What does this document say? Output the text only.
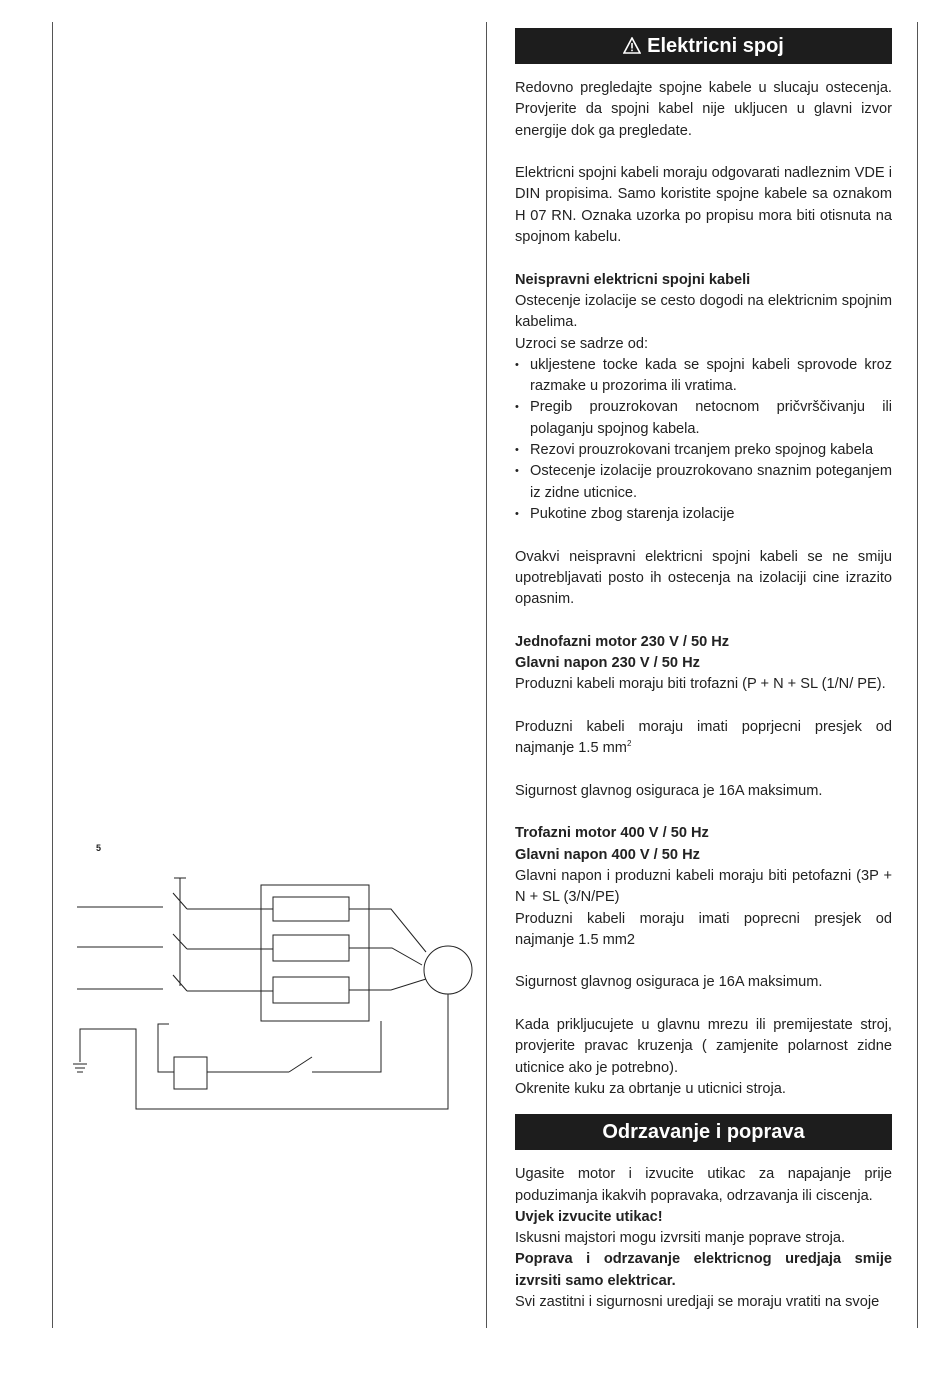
5
Elektricni spoj

Redovno pregledajte spojne kabele u slucaju ostecenja. Provjerite da spojni kabel nije ukljucen u glavni izvor energije dok ga pregledate.

Elektricni spojni kabeli moraju odgovarati nadleznim VDE i DIN propisima. Samo koristite spojne kabele sa oznakom H 07 RN. Oznaka uzorka po propisu mora biti otisnuta na spojnom kabelu.

Neispravni elektricni spojni kabeli

Ostecenje izolacije se cesto dogodi na elektricnim spojnim kabelima.

Uzroci se sadrze od:

• ukljestene tocke kada se spojni kabeli sprovode kroz razmake u prozorima ili vratima.
• Pregib prouzrokovan netocnom pričvrščivanju ili polaganju spojnog kabela.
• Rezovi prouzrokovani trcanjem preko spojnog kabela
• Ostecenje izolacije prouzrokovano snaznim poteganjem iz zidne uticnice.
• Pukotine zbog starenja izolacije

Ovakvi neispravni elektricni spojni kabeli se ne smiju upotrebljavati posto ih ostecenja na izolaciji cine izrazito opasnim.

Jednofazni motor 230 V / 50 Hz

Glavni napon 230 V / 50 Hz

Produzni kabeli moraju biti trofazni (P + N + SL (1/N/ PE).

Produzni kabeli moraju imati poprjecni presjek od najmanje 1.5 $mm^2$

Sigurnost glavnog osiguraca je 16A maksimum.

Trofazni motor 400 V / 50 Hz

Glavni napon 400 V / 50 Hz

Glavni napon i produzni kabeli moraju biti petofazni (3P + N + SL (3/N/PE)

Produzni kabeli moraju imati poprecni presjek od najmanje 1.5 mm2

Sigurnost glavnog osiguraca je 16A maksimum.

Kada prikljucujete u glavnu mrezu ili premijestate stroj, provjerite pravac kruzenja ( zamjenite polarnost zidne uticnice ako je potrebno).

Okrenite kuku za obrtanje u uticnici stroja.

Odrzavanje i poprava

Ugasite motor i izvucite utikac za napajanje prije poduzimanja ikakvih popravaka, odrzavanja ili ciscenja.

Uvjek izvucite utikac!

Iskusni majstori mogu izvrsiti manje poprave stroja.

Poprava i odrzavanje elektricnog uredjaja smije izvrsiti samo elektricar.

Svi zastitni i sigurnosni uredjaji se moraju vratiti na svoje
